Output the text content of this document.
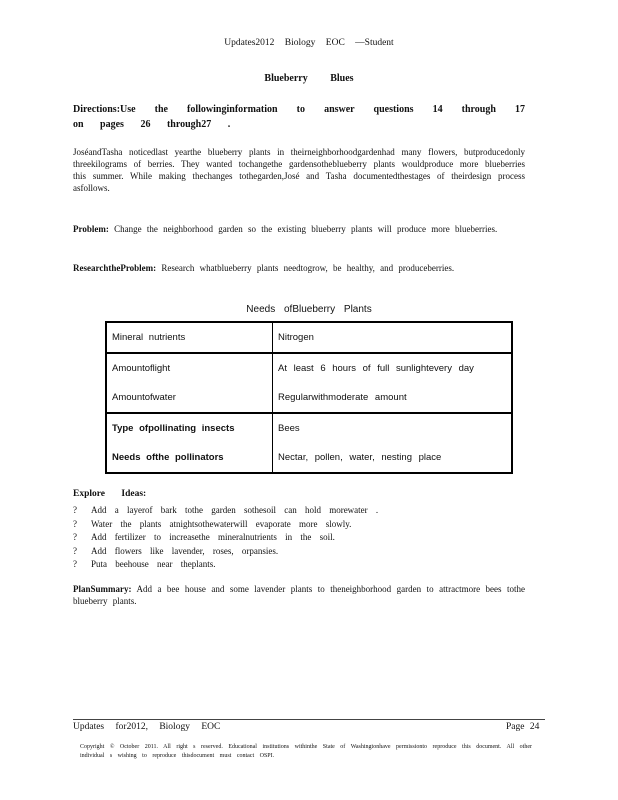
Updates2012 Biology EOC —Student
Blueberry Blues
Directions:Use the followinginformation to answer questions 14 through 17 on pages 26 through27 .
JoséandTasha noticedlast yearthe blueberry plants in theirneighborhoodgardenhad many flowers, butproducedonly threekilograms of berries. They wanted tochangethe gardensotheblueberry plants wouldproduce more blueberries this summer. While making thechanges tothegarden,José and Tasha documentedthestages of theirdesign process asfollows.
Problem: Change the neighborhood garden so the existing blueberry plants will produce more blueberries.
ResearchtheProblem: Research whatblueberry plants needtogrow, be healthy, and produceberries.
Needs ofBlueberry Plants
Mineral nutrients	Nitrogen
Amountoflight	At least 6 hours of full sunlightevery day
Amountofwater	Regularwithmoderate amount
Type ofpollinating insects	Bees
Needs ofthe pollinators	Nectar, pollen, water, nesting place
Explore Ideas:
? Add a layerof bark tothe garden sothesoil can hold morewater .
? Water the plants atnightsothewaterwill evaporate more slowly.
? Add fertilizer to increasethe mineralnutrients in the soil.
? Add flowers like lavender, roses, orpansies.
? Puta beehouse near theplants.
PlanSummary: Add a bee house and some lavender plants to theneighborhood garden to attractmore bees tothe blueberry plants.
Updates for2012, Biology EOC	Page 24
Copyright © October 2011. All right s reserved. Educational institutions withinthe State of Washingtonhave permissionto reproduce this document. All other individual s wishing to reproduce thisdocument must contact OSPI.
